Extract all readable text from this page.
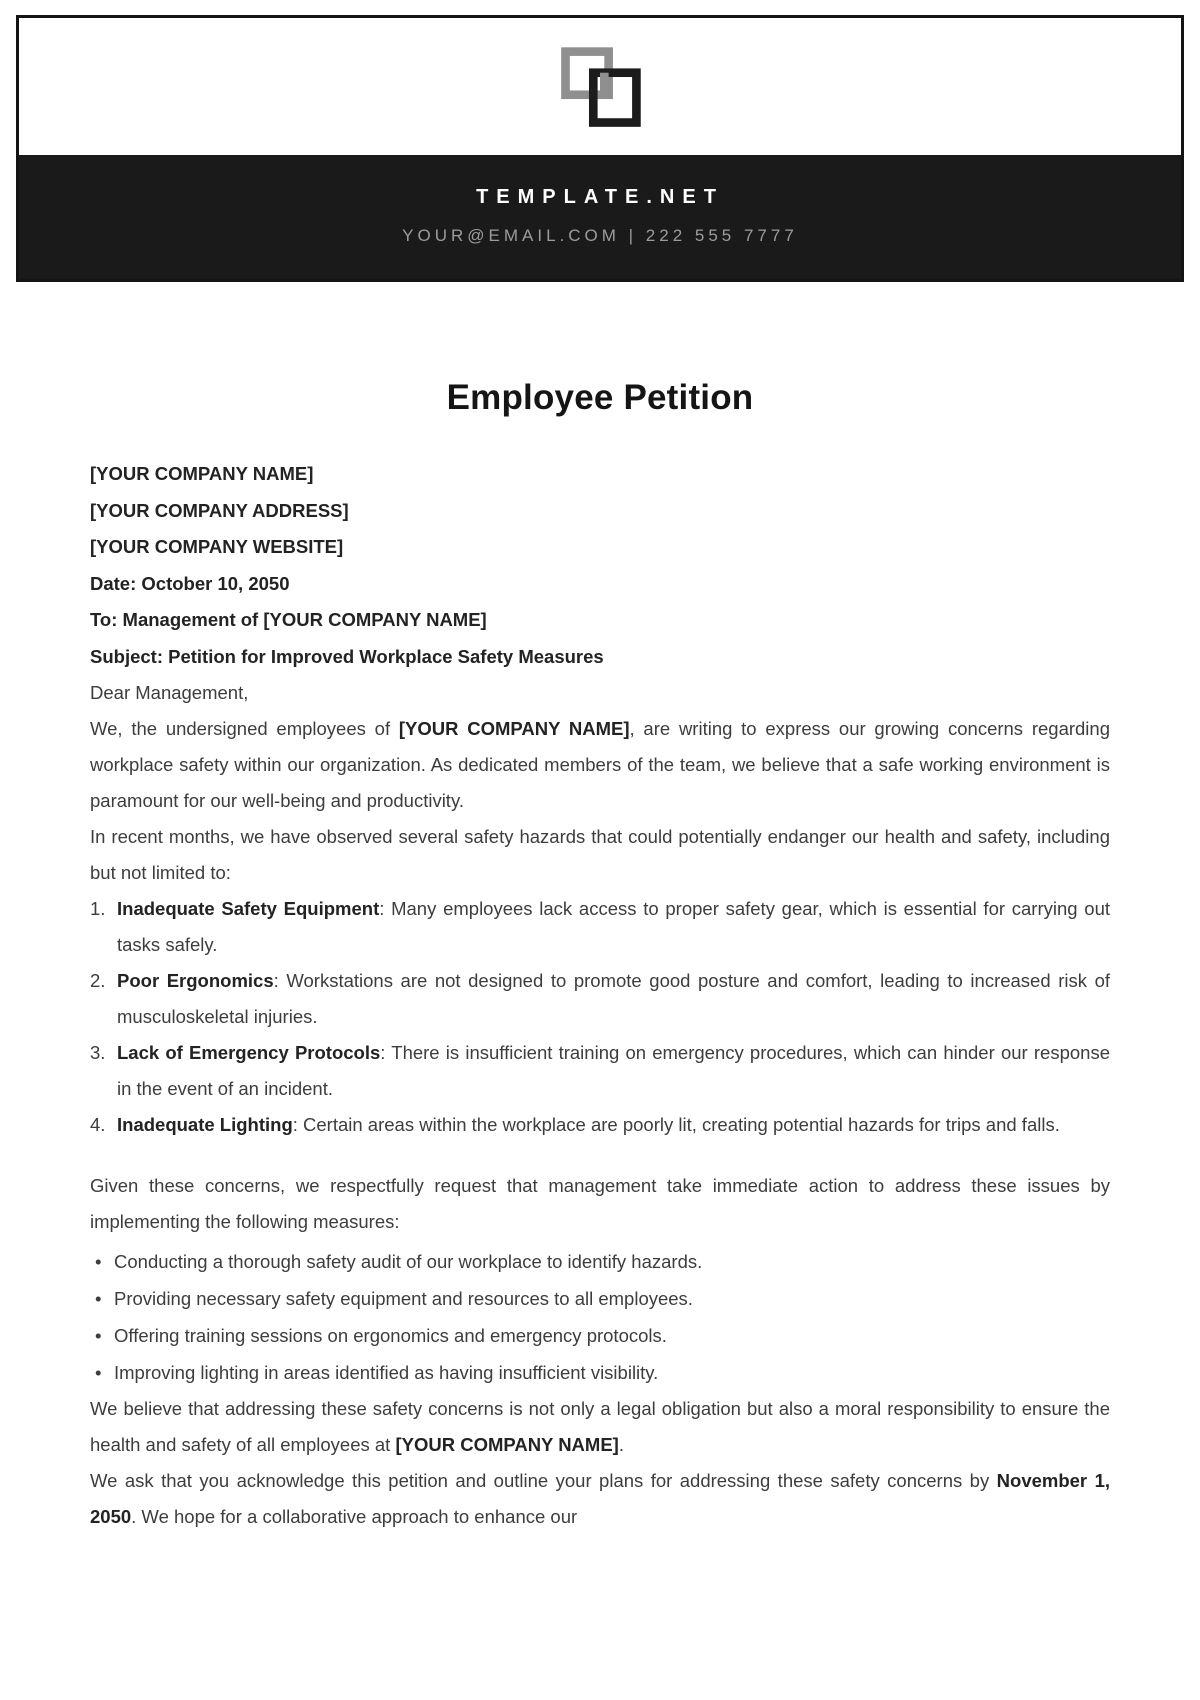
TEMPLATE.NET
YOUR@EMAIL.COM | 222 555 7777
Employee Petition
[YOUR COMPANY NAME]
[YOUR COMPANY ADDRESS]
[YOUR COMPANY WEBSITE]
Date: October 10, 2050
To: Management of [YOUR COMPANY NAME]
Subject: Petition for Improved Workplace Safety Measures

Dear Management,

We, the undersigned employees of [YOUR COMPANY NAME], are writing to express our growing concerns regarding workplace safety within our organization. As dedicated members of the team, we believe that a safe working environment is paramount for our well-being and productivity.

In recent months, we have observed several safety hazards that could potentially endanger our health and safety, including but not limited to:

Inadequate Safety Equipment: Many employees lack access to proper safety gear, which is essential for carrying out tasks safely.
Poor Ergonomics: Workstations are not designed to promote good posture and comfort, leading to increased risk of musculoskeletal injuries.
Lack of Emergency Protocols: There is insufficient training on emergency procedures, which can hinder our response in the event of an incident.
Inadequate Lighting: Certain areas within the workplace are poorly lit, creating potential hazards for trips and falls.

Given these concerns, we respectfully request that management take immediate action to address these issues by implementing the following measures:

• Conducting a thorough safety audit of our workplace to identify hazards.
• Providing necessary safety equipment and resources to all employees.
• Offering training sessions on ergonomics and emergency protocols.
• Improving lighting in areas identified as having insufficient visibility.

We believe that addressing these safety concerns is not only a legal obligation but also a moral responsibility to ensure the health and safety of all employees at [YOUR COMPANY NAME].

We ask that you acknowledge this petition and outline your plans for addressing these safety concerns by November 1, 2050. We hope for a collaborative approach to enhance our
